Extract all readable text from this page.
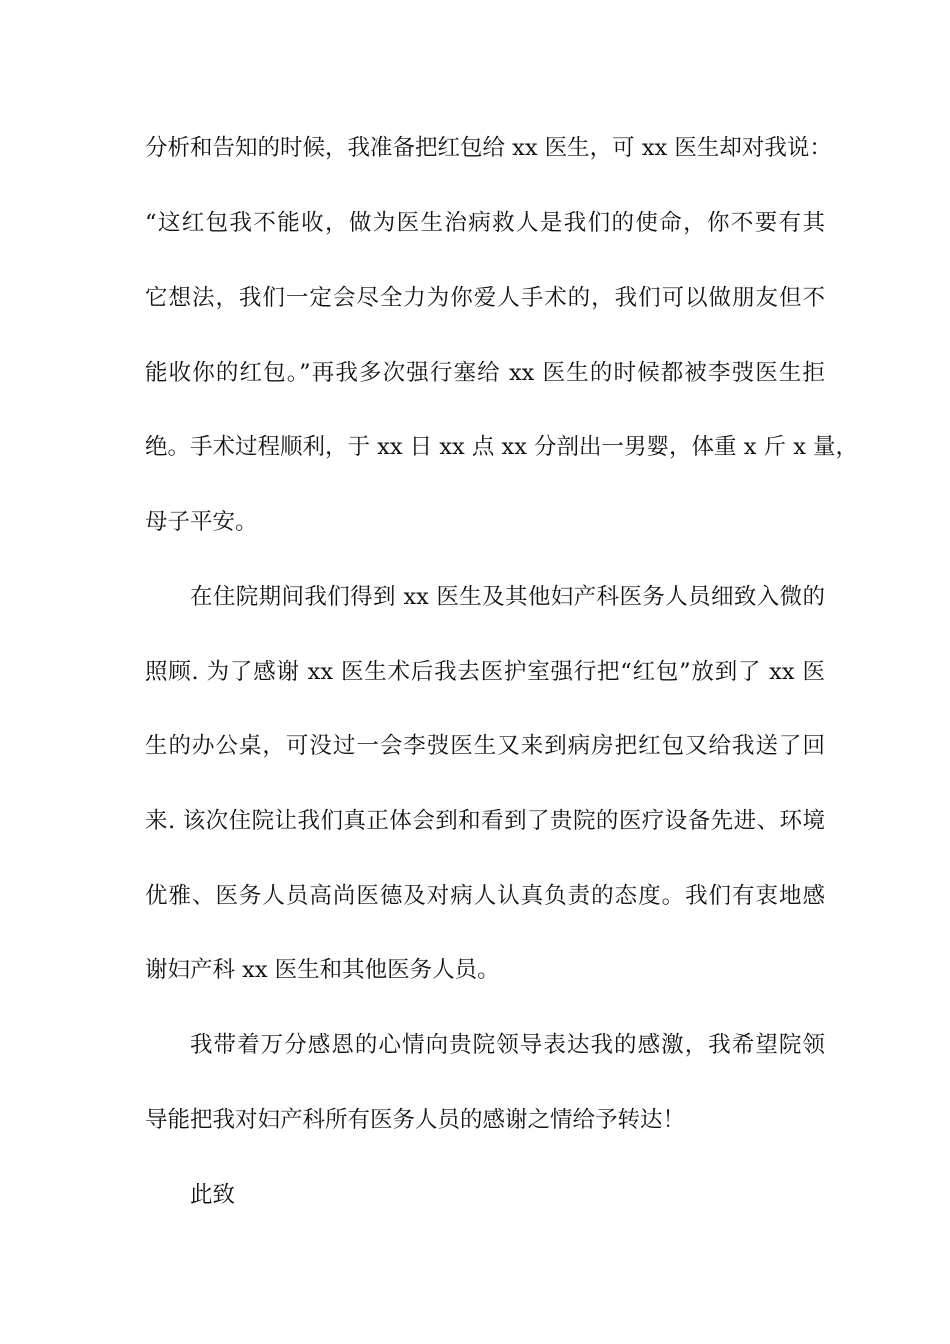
分析和告知的时候，我准备把红包给 xx 医生，可 xx 医生却对我说：
“这红包我不能收，做为医生治病救人是我们的使命，你不要有其
它想法，我们一定会尽全力为你爱人手术的，我们可以做朋友但不
能收你的红包。”再我多次强行塞给 xx 医生的时候都被李弢医生拒
绝。手术过程顺利，于 xx 日 xx 点 xx 分剖出一男婴，体重 x 斤 x 量，
母子平安。
在住院期间我们得到 xx 医生及其他妇产科医务人员细致入微的
照顾. 为了感谢 xx 医生术后我去医护室强行把“红包”放到了 xx 医
生的办公桌，可没过一会李弢医生又来到病房把红包又给我送了回
来. 该次住院让我们真正体会到和看到了贵院的医疗设备先进、环境
优雅、医务人员高尚医德及对病人认真负责的态度。我们有衷地感
谢妇产科 xx 医生和其他医务人员。
我带着万分感恩的心情向贵院领导表达我的感激，我希望院领
导能把我对妇产科所有医务人员的感谢之情给予转达！
此致
